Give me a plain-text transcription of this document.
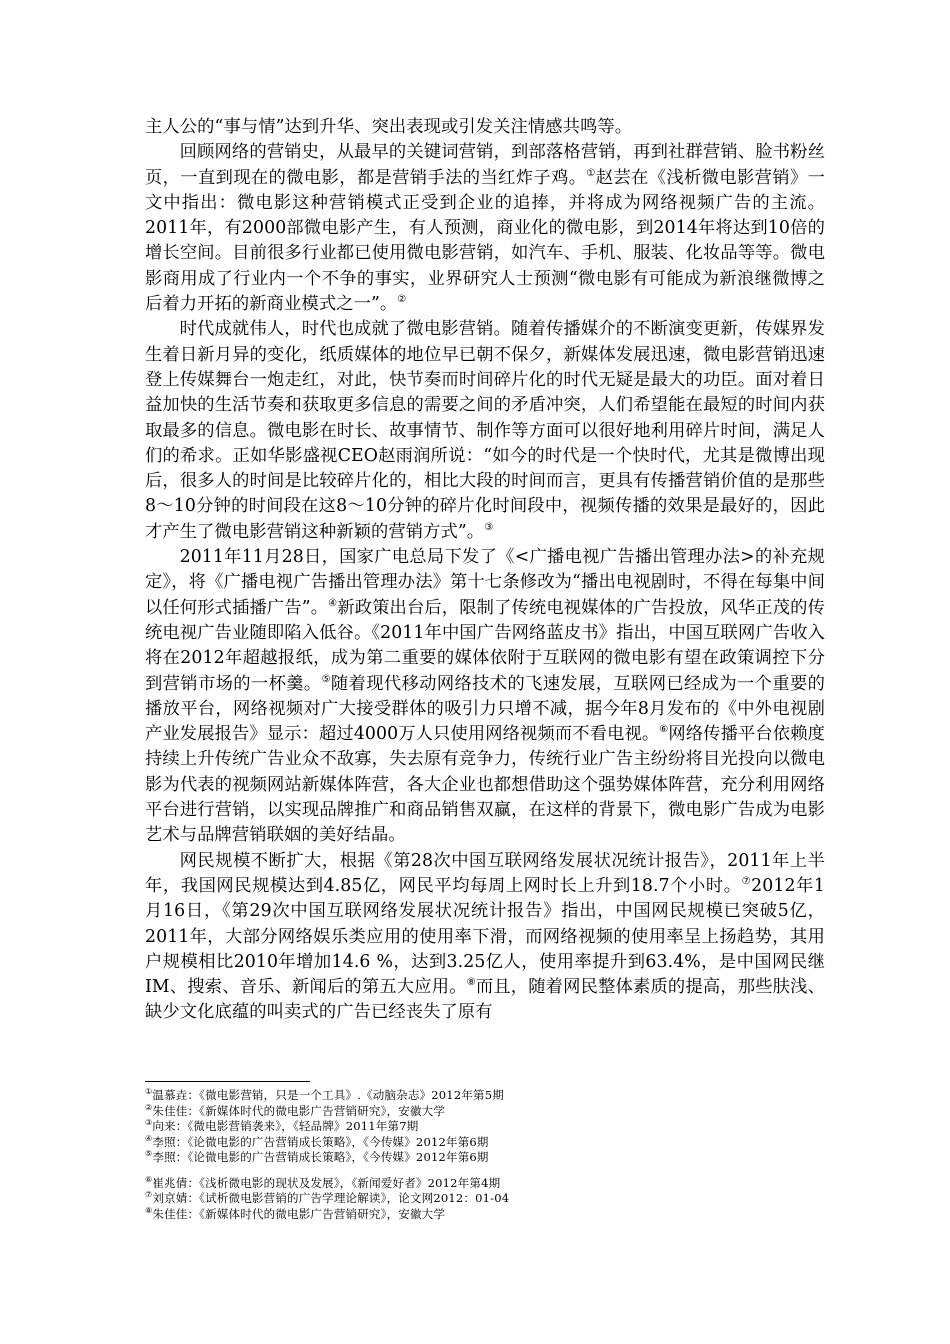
主人公的“事与情”达到升华、突出表现或引发关注情感共鸣等。

回顾网络的营销史，从最早的关键词营销，到部落格营销，再到社群营销、脸书粉丝页，一直到现在的微电影，都是营销手法的当红炸子鸡。①赵芸在《浅析微电影营销》一文中指出：微电影这种营销模式正受到企业的追捧，并将成为网络视频广告的主流。2011年，有2000部微电影产生，有人预测，商业化的微电影，到2014年将达到10倍的增长空间。目前很多行业都已使用微电影营销，如汽车、手机、服装、化妆品等等。微电影商用成了行业内一个不争的事实，业界研究人士预测“微电影有可能成为新浪继微博之后着力开拓的新商业模式之一”。②

时代成就伟人，时代也成就了微电影营销。随着传播媒介的不断演变更新，传媒界发生着日新月异的变化，纸质媒体的地位早已朝不保夕，新媒体发展迅速，微电影营销迅速登上传媒舞台一炮走红，对此，快节奏而时间碎片化的时代无疑是最大的功臣。面对着日益加快的生活节奏和获取更多信息的需要之间的矛盾冲突，人们希望能在最短的时间内获取最多的信息。微电影在时长、故事情节、制作等方面可以很好地利用碎片时间，满足人们的希求。正如华影盛视CEO赵雨润所说：“如今的时代是一个快时代，尤其是微博出现后，很多人的时间是比较碎片化的，相比大段的时间而言，更具有传播营销价值的是那些8～10分钟的时间段在这8～10分钟的碎片化时间段中，视频传播的效果是最好的，因此才产生了微电影营销这种新颖的营销方式”。③

2011年11月28日，国家广电总局下发了《<广播电视广告播出管理办法>的补充规定》，将《广播电视广告播出管理办法》第十七条修改为“播出电视剧时，不得在每集中间以任何形式插播广告”。④新政策出台后，限制了传统电视媒体的广告投放，风华正茂的传统电视广告业随即陷入低谷。《2011年中国广告网络蓝皮书》指出，中国互联网广告收入将在2012年超越报纸，成为第二重要的媒体依附于互联网的微电影有望在政策调控下分到营销市场的一杯羹。⑤随着现代移动网络技术的飞速发展，互联网已经成为一个重要的播放平台，网络视频对广大接受群体的吸引力只增不减，据今年8月发布的《中外电视剧产业发展报告》显示：超过4000万人只使用网络视频而不看电视。⑥网络传播平台依赖度持续上升传统广告业众不敌寡，失去原有竞争力，传统行业广告主纷纷将目光投向以微电影为代表的视频网站新媒体阵营，各大企业也都想借助这个强势媒体阵营，充分利用网络平台进行营销，以实现品牌推广和商品销售双赢，在这样的背景下，微电影广告成为电影艺术与品牌营销联姻的美好结晶。

网民规模不断扩大，根据《第28次中国互联网络发展状况统计报告》，2011年上半年，我国网民规模达到4.85亿，网民平均每周上网时长上升到18.7个小时。⑦2012年1月16日，《第29次中国互联网络发展状况统计报告》指出，中国网民规模已突破5亿，2011年，大部分网络娱乐类应用的使用率下滑，而网络视频的使用率呈上扬趋势，其用户规模相比2010年增加14.6 %，达到3.25亿人，使用率提升到63.4%，是中国网民继IM、搜索、音乐、新闻后的第五大应用。⑧而且，随着网民整体素质的提高，那些肤浅、缺少文化底蕴的叫卖式的广告已经丧失了原有

①温慕垚：《微电影营销，只是一个工具》.《动脑杂志》2012年第5期
②朱佳佳：《新媒体时代的微电影广告营销研究》，安徽大学
③向来：《微电影营销袭来》，《轻品牌》2011年第7期
④李照：《论微电影的广告营销成长策略》，《今传媒》2012年第6期
⑤李照：《论微电影的广告营销成长策略》，《今传媒》2012年第6期
⑥崔兆倩：《浅析微电影的现状及发展》，《新闻爱好者》2012年第4期
⑦刘京婧：《试析微电影营销的广告学理论解读》，论文网2012：01-04
⑧朱佳佳：《新媒体时代的微电影广告营销研究》，安徽大学
